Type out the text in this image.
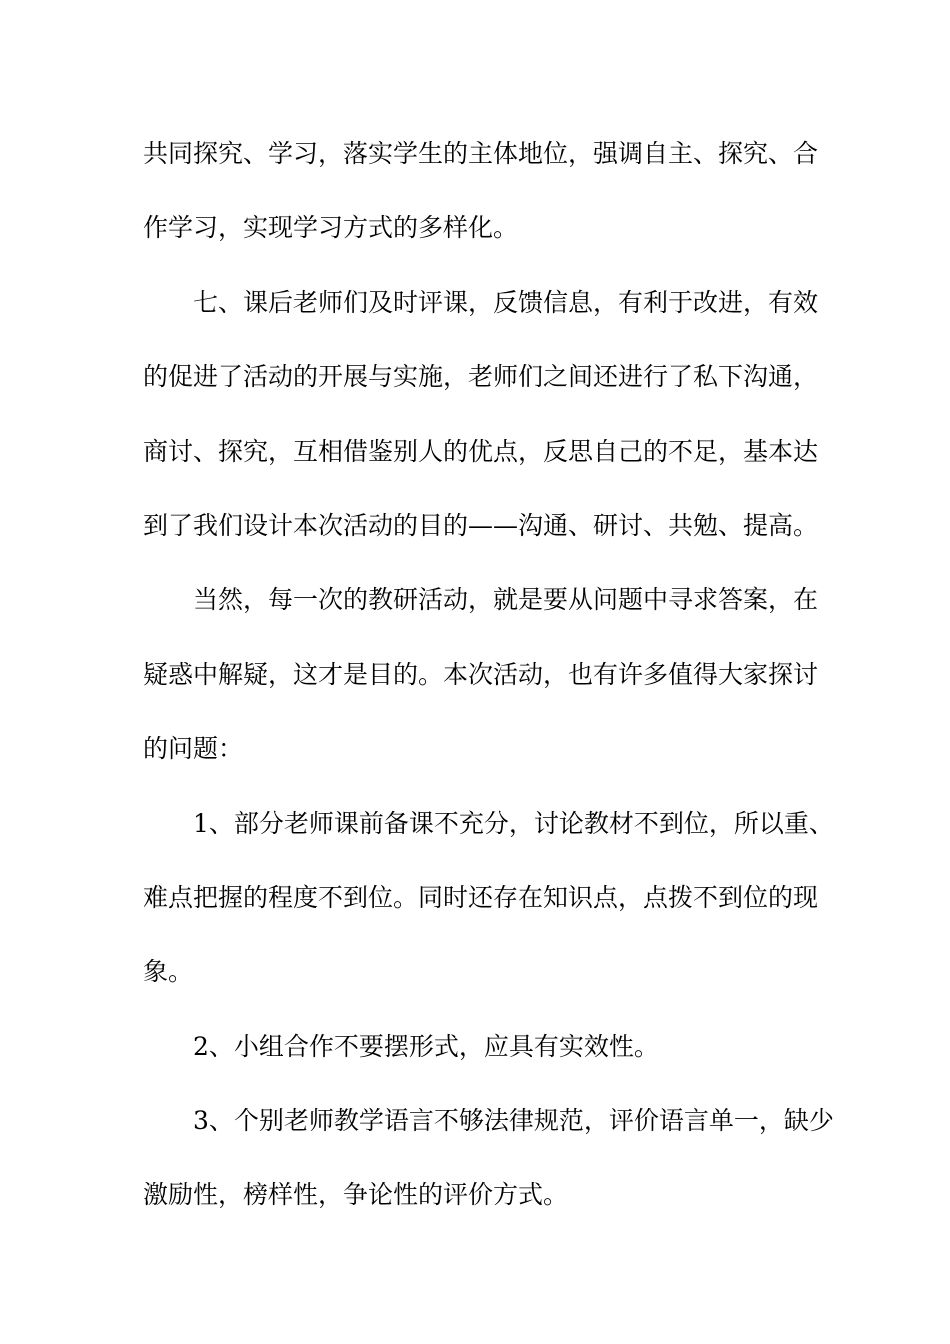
共同探究、学习，落实学生的主体地位，强调自主、探究、合
作学习，实现学习方式的多样化。
七、课后老师们及时评课，反馈信息，有利于改进，有效
的促进了活动的开展与实施，老师们之间还进行了私下沟通，
商讨、探究，互相借鉴别人的优点，反思自己的不足，基本达
到了我们设计本次活动的目的——沟通、研讨、共勉、提高。
当然，每一次的教研活动，就是要从问题中寻求答案，在
疑惑中解疑，这才是目的。本次活动，也有许多值得大家探讨
的问题：
1、部分老师课前备课不充分，讨论教材不到位，所以重、
难点把握的程度不到位。同时还存在知识点，点拨不到位的现
象。
2、小组合作不要摆形式，应具有实效性。
3、个别老师教学语言不够法律规范，评价语言单一，缺少
激励性，榜样性，争论性的评价方式。
